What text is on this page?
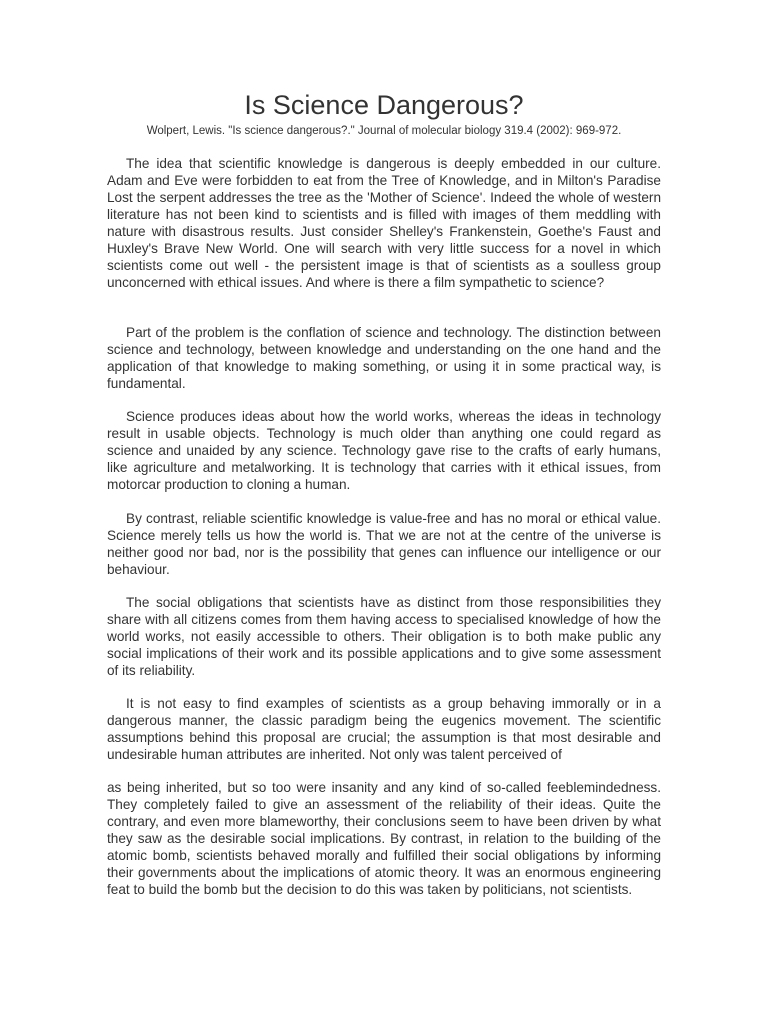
Is Science Dangerous?
Wolpert, Lewis. "Is science dangerous?." Journal of molecular biology 319.4 (2002): 969-972.

The idea that scientific knowledge is dangerous is deeply embedded in our culture. Adam and Eve were forbidden to eat from the Tree of Knowledge, and in Milton's Paradise Lost the serpent addresses the tree as the 'Mother of Science'. Indeed the whole of western literature has not been kind to scientists and is filled with images of them meddling with nature with disastrous results. Just consider Shelley's Frankenstein, Goethe's Faust and Huxley's Brave New World. One will search with very little success for a novel in which scientists come out well - the persistent image is that of scientists as a soulless group unconcerned with ethical issues. And where is there a film sympathetic to science?

Part of the problem is the conflation of science and technology. The distinction between science and technology, between knowledge and understanding on the one hand and the application of that knowledge to making something, or using it in some practical way, is fundamental.

Science produces ideas about how the world works, whereas the ideas in technology result in usable objects. Technology is much older than anything one could regard as science and unaided by any science. Technology gave rise to the crafts of early humans, like agriculture and metalworking. It is technology that carries with it ethical issues, from motorcar production to cloning a human.

By contrast, reliable scientific knowledge is value-free and has no moral or ethical value. Science merely tells us how the world is. That we are not at the centre of the universe is neither good nor bad, nor is the possibility that genes can influence our intelligence or our behaviour.

The social obligations that scientists have as distinct from those responsibilities they share with all citizens comes from them having access to specialised knowledge of how the world works, not easily accessible to others. Their obligation is to both make public any social implications of their work and its possible applications and to give some assessment of its reliability.

It is not easy to find examples of scientists as a group behaving immorally or in a dangerous manner, the classic paradigm being the eugenics movement. The scientific assumptions behind this proposal are crucial; the assumption is that most desirable and undesirable human attributes are inherited. Not only was talent perceived of

as being inherited, but so too were insanity and any kind of so-called feeblemindedness. They completely failed to give an assessment of the reliability of their ideas. Quite the contrary, and even more blameworthy, their conclusions seem to have been driven by what they saw as the desirable social implications. By contrast, in relation to the building of the atomic bomb, scientists behaved morally and fulfilled their social obligations by informing their governments about the implications of atomic theory. It was an enormous engineering feat to build the bomb but the decision to do this was taken by politicians, not scientists.
